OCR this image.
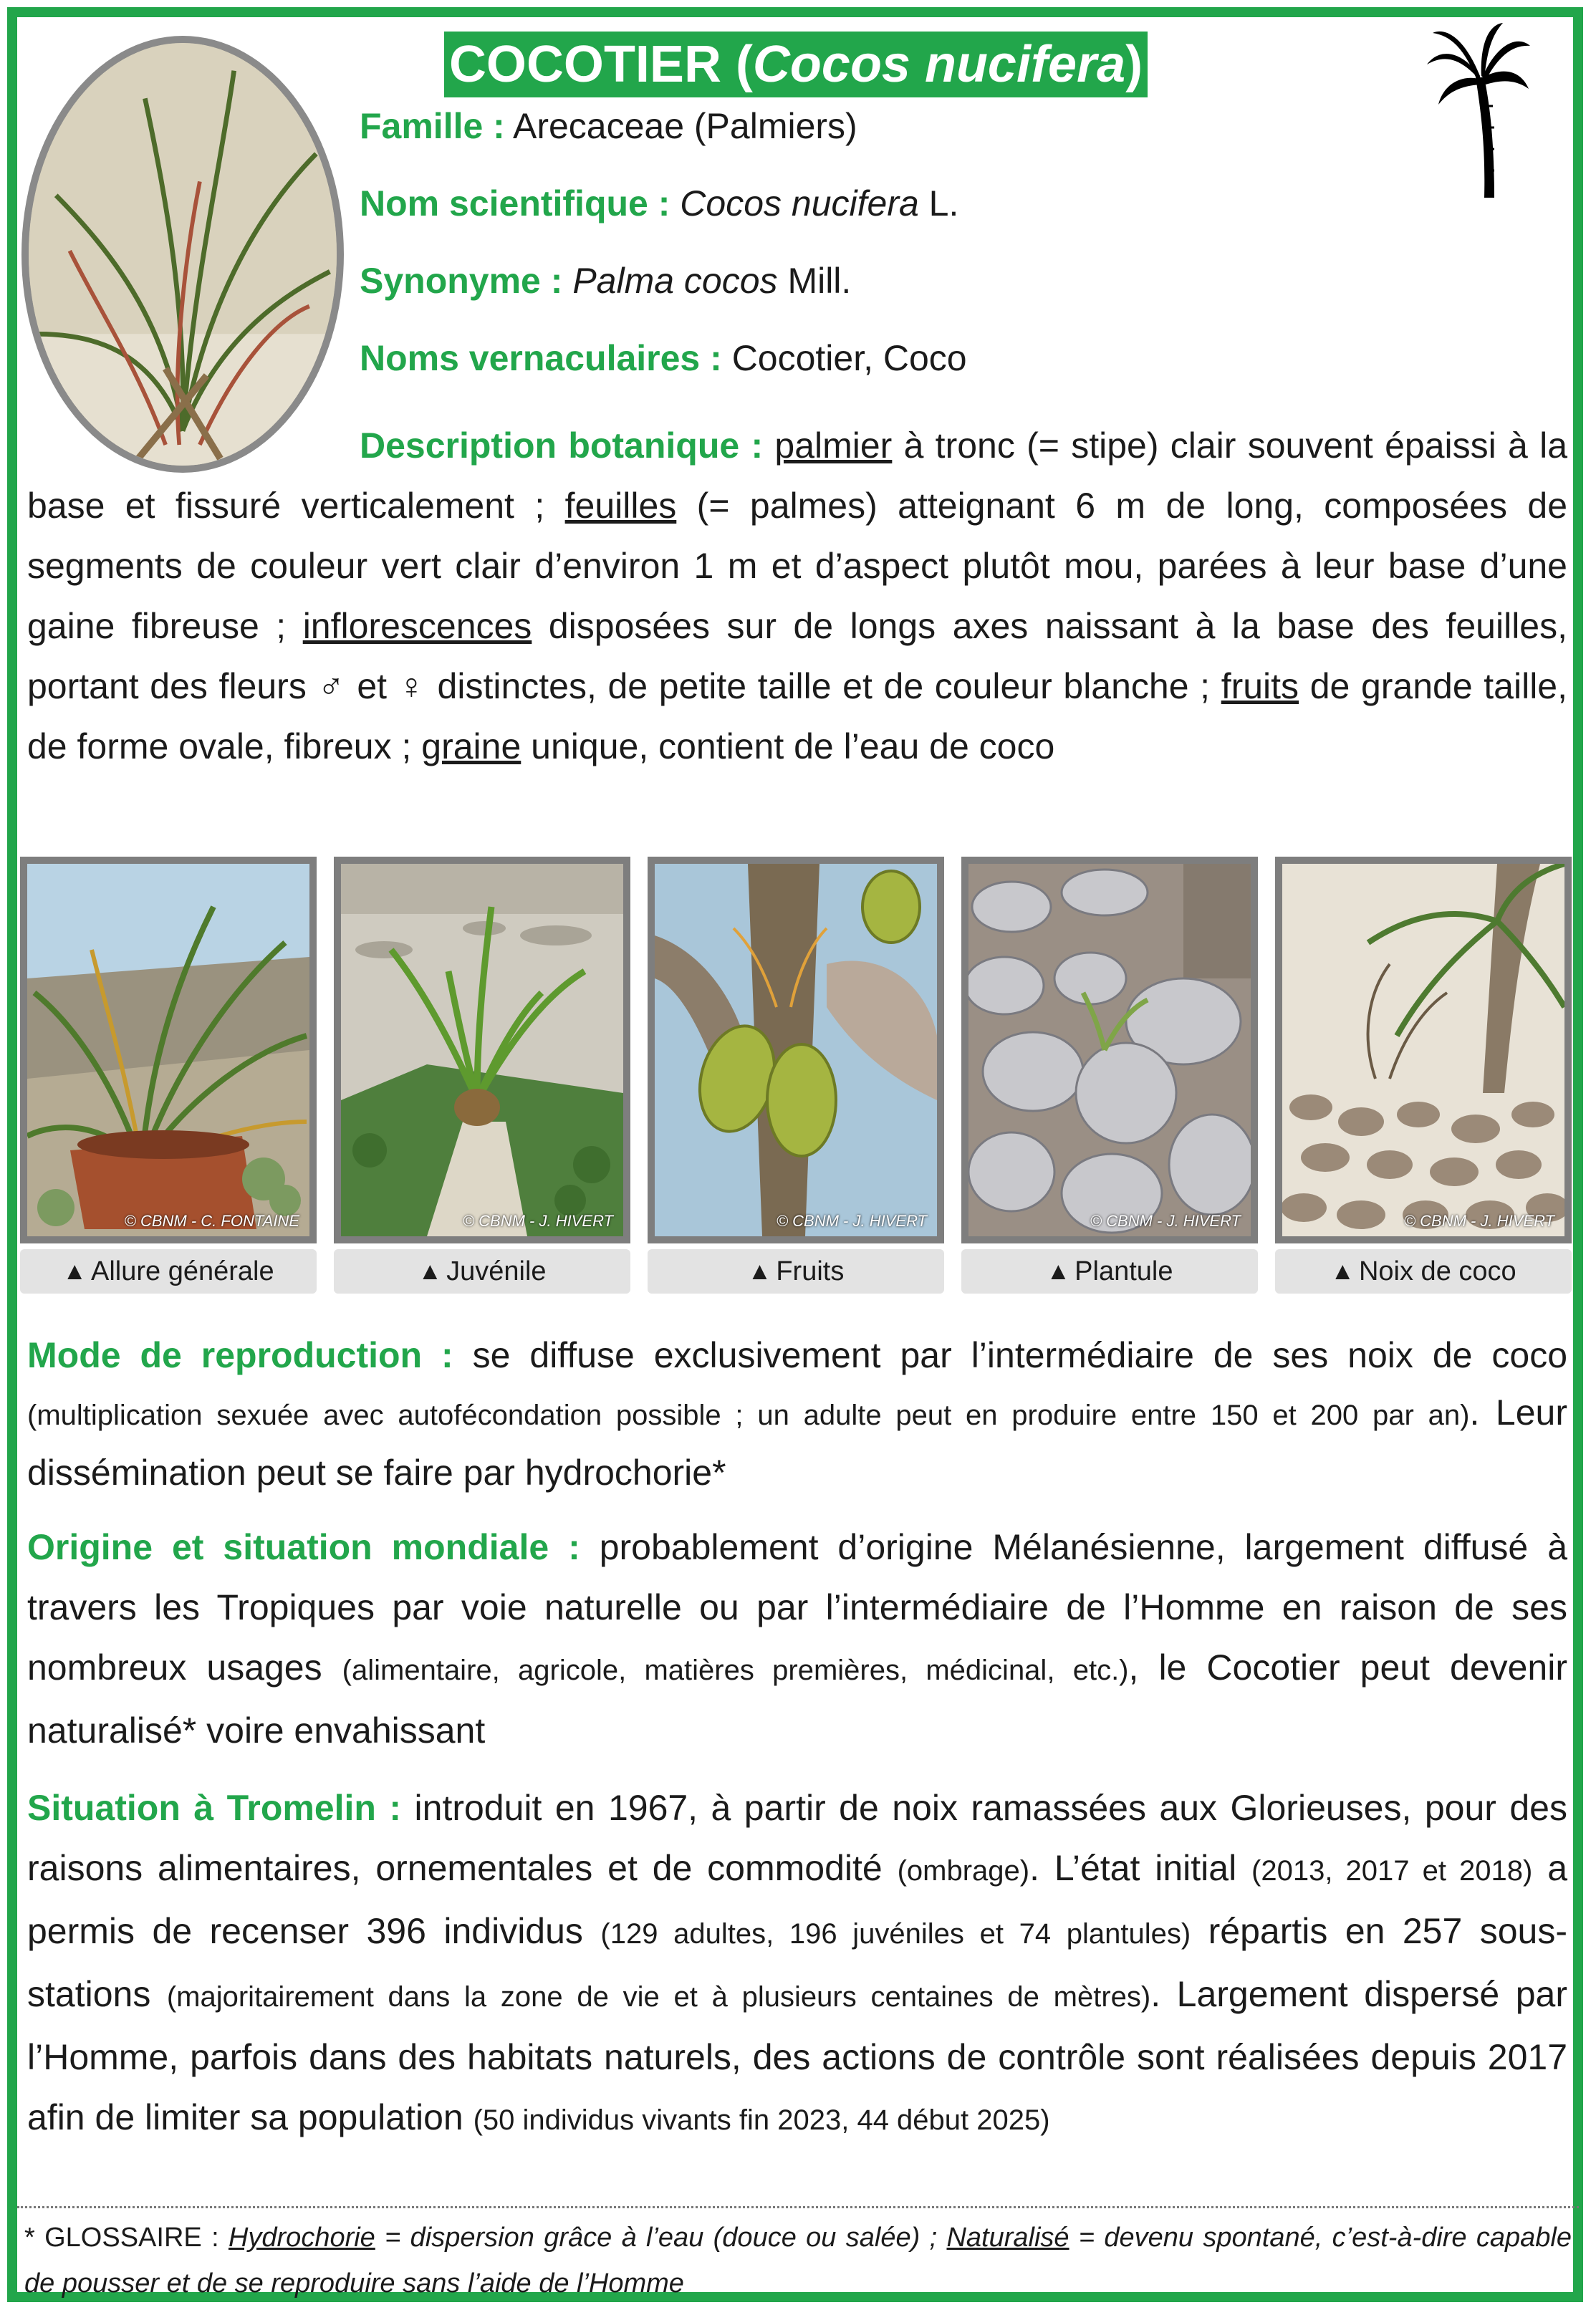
COCOTIER ( Cocos nucifera )
Famille : Arecaceae (Palmiers)
Nom scientifique : Cocos nucifera L.
Synonyme : Palma cocos Mill.
Noms vernaculaires : Cocotier, Coco
Description botanique : palmier à tronc (= stipe) clair souvent épaissi à la base et fissuré verticalement ; feuilles (= palmes) atteignant 6 m de long, composées de segments de couleur vert clair d’environ 1 m et d’aspect plutôt mou, parées à leur base d’une gaine fibreuse ; inflorescences disposées sur de longs axes naissant à la base des feuilles, portant des fleurs ♂ et ♀ distinctes, de petite taille et de couleur blanche ; fruits de grande taille, de forme ovale, fibreux ; graine unique, contient de l’eau de coco
© CBNM - C. FONTAINE	© CBNM - J. HIVERT	© CBNM - J. HIVERT	© CBNM - J. HIVERT	© CBNM - J. HIVERT
▲ Allure générale	▲ Juvénile	▲ Fruits	▲ Plantule	▲ Noix de coco
Mode de reproduction : se diffuse exclusivement par l’intermédiaire de ses noix de coco (multiplication sexuée avec autofécondation possible ; un adulte peut en produire entre 150 et 200 par an). Leur dissémination peut se faire par hydrochorie*
Origine et situation mondiale : probablement d’origine Mélanésienne, largement diffusé à travers les Tropiques par voie naturelle ou par l’intermédiaire de l’Homme en raison de ses nombreux usages (alimentaire, agricole, matières premières, médicinal, etc.), le Cocotier peut devenir naturalisé* voire envahissant
Situation à Tromelin : introduit en 1967, à partir de noix ramassées aux Glorieuses, pour des raisons alimentaires, ornementales et de commodité (ombrage). L’état initial (2013, 2017 et 2018) a permis de recenser 396 individus (129 adultes, 196 juvéniles et 74 plantules) répartis en 257 sous-stations (majoritairement dans la zone de vie et à plusieurs centaines de mètres). Largement dispersé par l’Homme, parfois dans des habitats naturels, des actions de contrôle sont réalisées depuis 2017 afin de limiter sa population (50 individus vivants fin 2023, 44 début 2025)
* GLOSSAIRE : Hydrochorie = dispersion grâce à l’eau (douce ou salée) ; Naturalisé = devenu spontané, c’est-à-dire capable de pousser et de se reproduire sans l’aide de l’Homme
